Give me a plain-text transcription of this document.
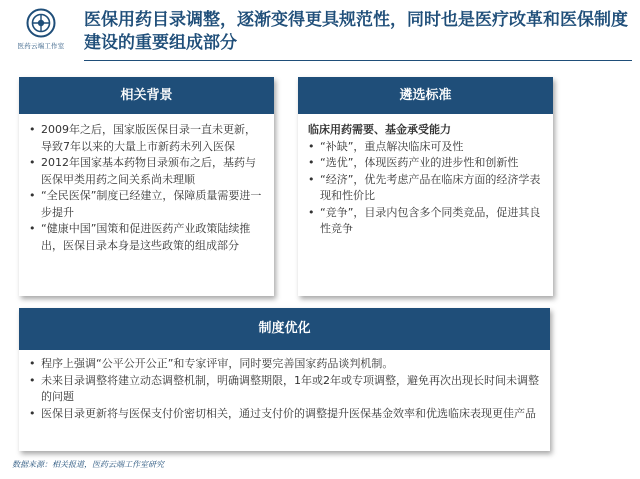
医药云端工作室
医保用药目录调整，逐渐变得更具规范性，同时也是医疗改革和医保制度建设的重要组成部分
相关背景
• 2009年之后，国家版医保目录一直未更新，导致7年以来的大量上市新药未列入医保
• 2012年国家基本药物目录颁布之后，基药与医保甲类用药之间关系尚未理顺
• “全民医保”制度已经建立，保障质量需要进一步提升
• “健康中国”国策和促进医药产业政策陆续推出，医保目录本身是这些政策的组成部分
遴选标准
临床用药需要、基金承受能力
• “补缺”，重点解决临床可及性
• “选优”，体现医药产业的进步性和创新性
• “经济”，优先考虑产品在临床方面的经济学表现和性价比
• “竞争”，目录内包含多个同类竞品，促进其良性竞争
制度优化
• 程序上强调“公平公开公正”和专家评审，同时要完善国家药品谈判机制。
• 未来目录调整将建立动态调整机制，明确调整期限，1年或2年或专项调整，避免再次出现长时间未调整的问题
• 医保目录更新将与医保支付价密切相关，通过支付价的调整提升医保基金效率和优选临床表现更佳产品
数据来源：相关报道，医药云端工作室研究
